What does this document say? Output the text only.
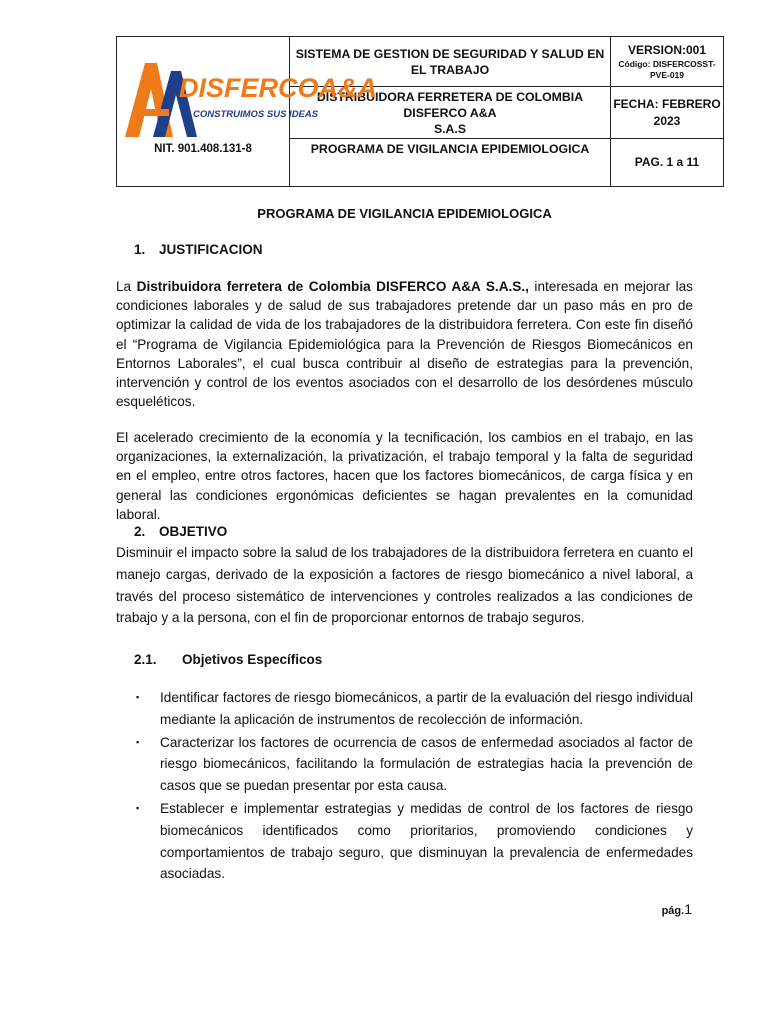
DISFERCOA&A
CONSTRUIMOS SUS IDEAS
NIT. 901.408.131-8	SISTEMA DE GESTION DE SEGURIDAD Y SALUD EN EL TRABAJO	VERSION:001
Código: DISFERCOSST-PVE-019

	DISTRIBUIDORA FERRETERA DE COLOMBIA
DISFERCO A&A
S.A.S	FECHA: FEBRERO 2023
	PROGRAMA DE VIGILANCIA EPIDEMIOLOGICA	PAG. 1 a 11
PROGRAMA DE VIGILANCIA EPIDEMIOLOGICA
1. JUSTIFICACION
La Distribuidora ferretera de Colombia DISFERCO A&A S.A.S., interesada en mejorar las condiciones laborales y de salud de sus trabajadores pretende dar un paso más en pro de optimizar la calidad de vida de los trabajadores de la distribuidora ferretera. Con este fin diseñó el “Programa de Vigilancia Epidemiológica para la Prevención de Riesgos Biomecánicos en Entornos Laborales”, el cual busca contribuir al diseño de estrategias para la prevención, intervención y control de los eventos asociados con el desarrollo de los desórdenes músculo esqueléticos.
El acelerado crecimiento de la economía y la tecnificación, los cambios en el trabajo, en las organizaciones, la externalización, la privatización, el trabajo temporal y la falta de seguridad en el empleo, entre otros factores, hacen que los factores biomecánicos, de carga física y en general las condiciones ergonómicas deficientes se hagan prevalentes en la comunidad laboral.
2. OBJETIVO
Disminuir el impacto sobre la salud de los trabajadores de la distribuidora ferretera en cuanto el manejo cargas, derivado de la exposición a factores de riesgo biomecánico a nivel laboral, a través del proceso sistemático de intervenciones y controles realizados a las condiciones de trabajo y a la persona, con el fin de proporcionar entornos de trabajo seguros.
2.1. Objetivos Específicos
▪ Identificar factores de riesgo biomecánicos, a partir de la evaluación del riesgo individual mediante la aplicación de instrumentos de recolección de información.
▪ Caracterizar los factores de ocurrencia de casos de enfermedad asociados al factor de riesgo biomecánicos, facilitando la formulación de estrategias hacia la prevención de casos que se puedan presentar por esta causa.
▪ Establecer e implementar estrategias y medidas de control de los factores de riesgo biomecánicos identificados como prioritarios, promoviendo condiciones y comportamientos de trabajo seguro, que disminuyan la prevalencia de enfermedades asociadas.
pág.1
